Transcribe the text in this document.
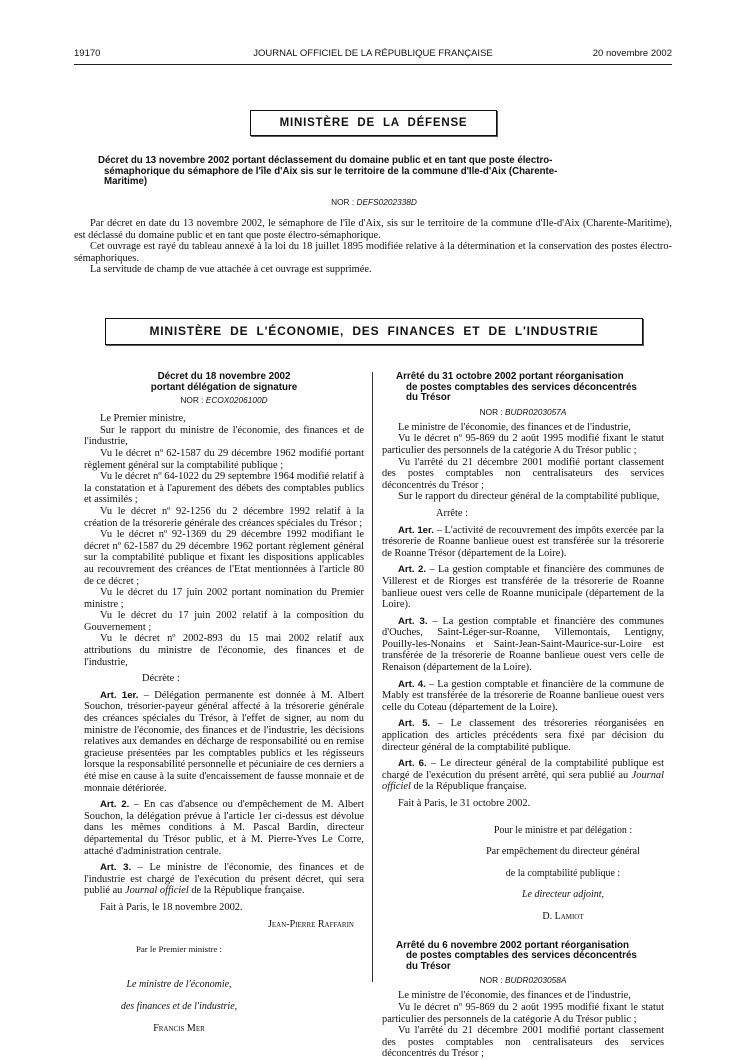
19170	JOURNAL OFFICIEL DE LA RÉPUBLIQUE FRANÇAISE	20 novembre 2002
MINISTÈRE DE LA DÉFENSE
Décret du 13 novembre 2002 portant déclassement du domaine public et en tant que poste électro-
sémaphorique du sémaphore de l'île d'Aix sis sur le territoire de la commune d'Ile-d'Aix (Charente-
Maritime)
NOR : DEFS0202338D

Par décret en date du 13 novembre 2002, le sémaphore de l'île d'Aix, sis sur le territoire de la commune d'Ile-d'Aix (Charente-Maritime), est déclassé du domaine public et en tant que poste électro-sémaphorique.

Cet ouvrage est rayé du tableau annexé à la loi du 18 juillet 1895 modifiée relative à la détermination et la conservation des postes électro-sémaphoriques.

La servitude de champ de vue attachée à cet ouvrage est supprimée.

MINISTÈRE DE L'ÉCONOMIE, DES FINANCES ET DE L'INDUSTRIE
Décret du 18 novembre 2002
portant délégation de signature
NOR : ECOX0206100D

Le Premier ministre,

Sur le rapport du ministre de l'économie, des finances et de l'industrie,

Vu le décret nº 62-1587 du 29 décembre 1962 modifié portant règlement général sur la comptabilité publique ;

Vu le décret nº 64-1022 du 29 septembre 1964 modifié relatif à la constatation et à l'apurement des débets des comptables publics et assimilés ;

Vu le décret nº 92-1256 du 2 décembre 1992 relatif à la création de la trésorerie générale des créances spéciales du Trésor ;

Vu le décret nº 92-1369 du 29 décembre 1992 modifiant le décret nº 62-1587 du 29 décembre 1962 portant règlement général sur la comptabilité publique et fixant les dispositions applicables au recouvrement des créances de l'Etat mentionnées à l'article 80 de ce décret ;

Vu le décret du 17 juin 2002 portant nomination du Premier ministre ;

Vu le décret du 17 juin 2002 relatif à la composition du Gouvernement ;

Vu le décret nº 2002-893 du 15 mai 2002 relatif aux attributions du ministre de l'économie, des finances et de l'industrie,

Décrète :

Art. 1er. – Délégation permanente est donnée à M. Albert Souchon, trésorier-payeur général affecté à la trésorerie générale des créances spéciales du Trésor, à l'effet de signer, au nom du ministre de l'économie, des finances et de l'industrie, les décisions relatives aux demandes en décharge de responsabilité ou en remise gracieuse présentées par les comptables publics et les régisseurs lorsque la responsabilité personnelle et pécuniaire de ces derniers a été mise en cause à la suite d'encaissement de fausse monnaie et de monnaie détériorée.

Art. 2. – En cas d'absence ou d'empêchement de M. Albert Souchon, la délégation prévue à l'article 1er ci-dessus est dévolue dans les mêmes conditions à M. Pascal Bardin, directeur départemental du Trésor public, et à M. Pierre-Yves Le Corre, attaché d'administration centrale.

Art. 3. – Le ministre de l'économie, des finances et de l'industrie est chargé de l'exécution du présent décret, qui sera publié au Journal officiel de la République française.

Fait à Paris, le 18 novembre 2002.

Jean-Pierre Raffarin

Par le Premier ministre :

Le ministre de l'économie,

des finances et de l'industrie,

Francis Mer

Arrêté du 31 octobre 2002 portant réorganisation
de postes comptables des services déconcentrés
du Trésor
NOR : BUDR0203057A

Le ministre de l'économie, des finances et de l'industrie,

Vu le décret nº 95-869 du 2 août 1995 modifié fixant le statut particulier des personnels de la catégorie A du Trésor public ;

Vu l'arrêté du 21 décembre 2001 modifié portant classement des postes comptables non centralisateurs des services déconcentrés du Trésor ;

Sur le rapport du directeur général de la comptabilité publique,

Arrête :

Art. 1er. – L'activité de recouvrement des impôts exercée par la trésorerie de Roanne banlieue ouest est transférée sur la trésorerie de Roanne Trésor (département de la Loire).

Art. 2. – La gestion comptable et financière des communes de Villerest et de Riorges est transférée de la trésorerie de Roanne banlieue ouest vers celle de Roanne municipale (département de la Loire).

Art. 3. – La gestion comptable et financière des communes d'Ouches, Saint-Léger-sur-Roanne, Villemontais, Lentigny, Pouilly-les-Nonains et Saint-Jean-Saint-Maurice-sur-Loire est transférée de la trésorerie de Roanne banlieue ouest vers celle de Renaison (département de la Loire).

Art. 4. – La gestion comptable et financière de la commune de Mably est transférée de la trésorerie de Roanne banlieue ouest vers celle du Coteau (département de la Loire).

Art. 5. – Le classement des trésoreries réorganisées en application des articles précédents sera fixé par décision du directeur général de la comptabilité publique.

Art. 6. – Le directeur général de la comptabilité publique est chargé de l'exécution du présent arrêté, qui sera publié au Journal officiel de la République française.

Fait à Paris, le 31 octobre 2002.

Pour le ministre et par délégation :

Par empêchement du directeur général

de la comptabilité publique :

Le directeur adjoint,

D. Lamiot

Arrêté du 6 novembre 2002 portant réorganisation
de postes comptables des services déconcentrés
du Trésor
NOR : BUDR0203058A

Le ministre de l'économie, des finances et de l'industrie,

Vu le décret nº 95-869 du 2 août 1995 modifié fixant le statut particulier des personnels de la catégorie A du Trésor public ;

Vu l'arrêté du 21 décembre 2001 modifié portant classement des postes comptables non centralisateurs des services déconcentrés du Trésor ;
